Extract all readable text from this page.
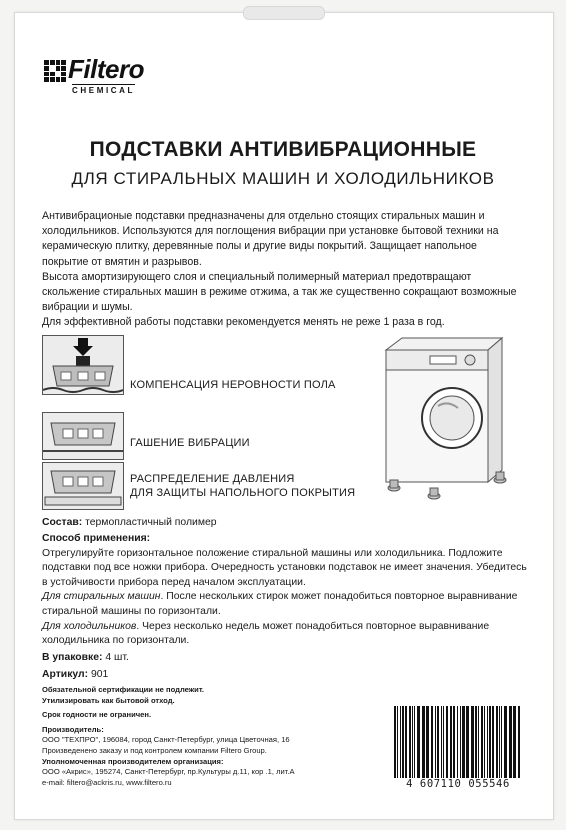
Filtero
CHEMICAL
ПОДСТАВКИ АНТИВИБРАЦИОННЫЕ
ДЛЯ СТИРАЛЬНЫХ МАШИН И ХОЛОДИЛЬНИКОВ

Антивибрационые подставки предназначены для отдельно стоящих стиральных машин и холодильников. Используются для поглощения вибрации при установке бытовой техники на керамическую плитку, деревянные полы и другие виды покрытий. Защищает напольное покрытие от вмятин и разрывов.

Высота амортизирующего слоя и специальный полимерный материал предотвращают скольжение стиральных машин в режиме отжима, а так же существенно сокращают возможные вибрации и шумы.

Для эффективной работы подставки рекомендуется менять не реже 1 раза в год.

КОМПЕНСАЦИЯ НЕРОВНОСТИ ПОЛА
ГАШЕНИЕ ВИБРАЦИИ
РАСПРЕДЕЛЕНИЕ ДАВЛЕНИЯ
ДЛЯ ЗАЩИТЫ НАПОЛЬНОГО ПОКРЫТИЯ
Состав: термопластичный полимер

Способ применения:

Отрегулируйте горизонтальное положение стиральной машины или холодильника. Подложите подставки под все ножки прибора. Очередность установки подставок не имеет значения. Убедитесь в устойчивости прибора перед началом эксплуатации.

Для стиральных машин. После нескольких стирок может понадобиться повторное выравнивание стиральной машины по горизонтали.

Для холодильников. Через несколько недель может понадобиться повторное выравнивание холодильника по горизонтали.

В упаковке: 4 шт.
Артикул: 901

Обязательной сертификации не подлежит.

Утилизировать как бытовой отход.

Срок годности не ограничен.

Производитель:

ООО "ТЕХПРО", 196084, город Санкт-Петербург, улица Цветочная, 16

Произведенено заказу и под контролем компании Filtero Group.

Уполномоченная производителем организация:

ООО «Акрис», 195274, Санкт-Петербург, пр.Культуры д.11, кор .1, лит.А

e-mail: filtero@ackris.ru, www.filtero.ru	4 607110 055546
